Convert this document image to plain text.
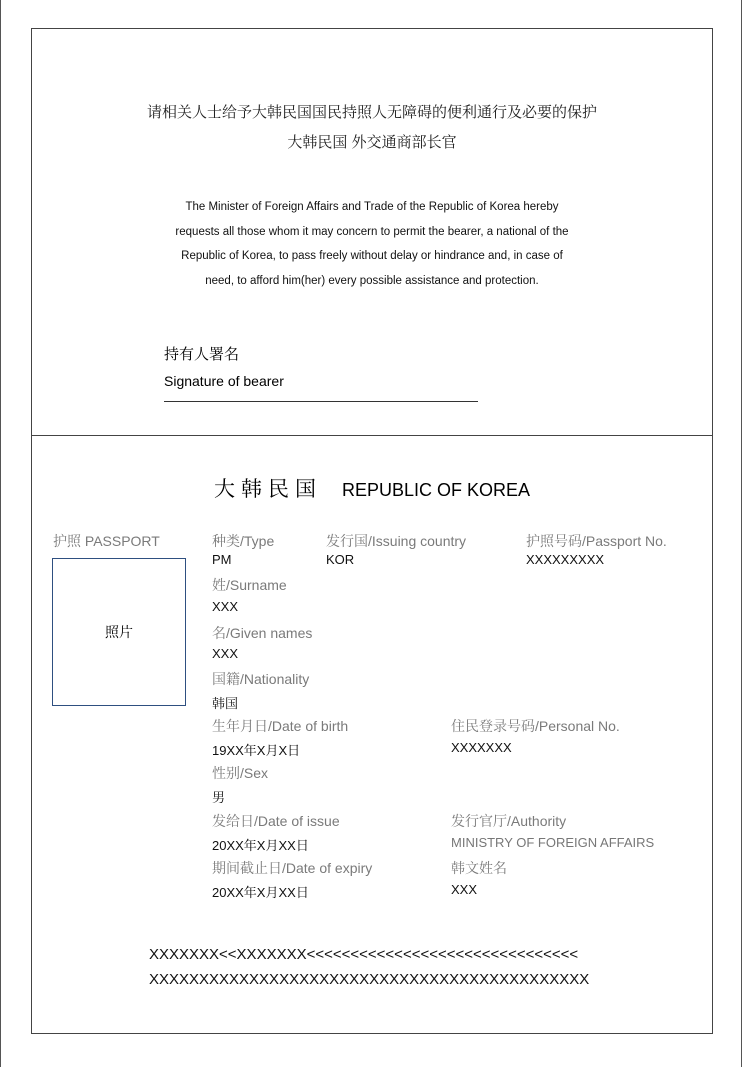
请相关人士给予大韩民国国民持照人无障碍的便利通行及必要的保护
大韩民国 外交通商部长官
The Minister of Foreign Affairs and Trade of the Republic of Korea hereby
requests all those whom it may concern to permit the bearer, a national of the
Republic of Korea, to pass freely without delay or hindrance and, in case of
need, to afford him(her) every possible assistance and protection.
持有人署名
Signature of bearer
大韩民国 REPUBLIC OF KOREA
护照 PASSPORT
照片
种类/Type
PM
发行国/Issuing country
KOR
护照号码/Passport No.
XXXXXXXXX
姓/Surname
XXX
名/Given names
XXX
国籍/Nationality
韩国
生年月日/Date of birth
19XX年X月X日
住民登录号码/Personal No.
XXXXXXX
性别/Sex
男
发给日/Date of issue
20XX年X月XX日
发行官厅/Authority
MINISTRY OF FOREIGN AFFAIRS
期间截止日/Date of expiry
20XX年X月XX日
韩文姓名
XXX
XXXXXXX<<XXXXXXX<<<<<<<<<<<<<<<<<<<<<<<<<<<<<<<
XXXXXXXXXXXXXXXXXXXXXXXXXXXXXXXXXXXXXXXXXXXX
